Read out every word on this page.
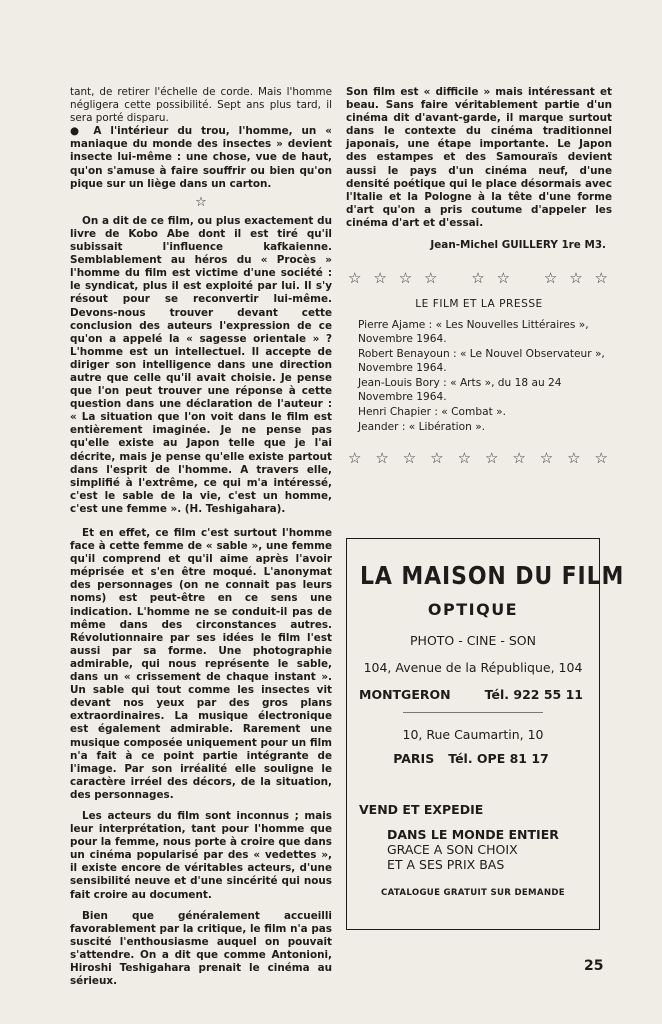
tant, de retirer l'échelle de corde. Mais l'homme négligera cette possibilité. Sept ans plus tard, il sera porté disparu.

● A l'intérieur du trou, l'homme, un « maniaque du monde des insectes » devient insecte lui-même : une chose, vue de haut, qu'on s'amuse à faire souffrir ou bien qu'on pique sur un liège dans un carton.

☆

On a dit de ce film, ou plus exactement du livre de Kobo Abe dont il est tiré qu'il subissait l'influence kafkaienne. Semblablement au héros du « Procès » l'homme du film est victime d'une société : le syndicat, plus il est exploité par lui. Il s'y résout pour se reconvertir lui-même. Devons-nous trouver devant cette conclusion des auteurs l'expression de ce qu'on a appelé la « sagesse orientale » ? L'homme est un intellectuel. Il accepte de diriger son intelligence dans une direction autre que celle qu'il avait choisie. Je pense que l'on peut trouver une réponse à cette question dans une déclaration de l'auteur : « La situation que l'on voit dans le film est entièrement imaginée. Je ne pense pas qu'elle existe au Japon telle que je l'ai décrite, mais je pense qu'elle existe partout dans l'esprit de l'homme. A travers elle, simplifié à l'extrême, ce qui m'a intéressé, c'est le sable de la vie, c'est un homme, c'est une femme ». (H. Teshigahara).

Et en effet, ce film c'est surtout l'homme face à cette femme de « sable », une femme qu'il comprend et qu'il aime après l'avoir méprisée et s'en être moqué. L'anonymat des personnages (on ne connait pas leurs noms) est peut-être en ce sens une indication. L'homme ne se conduit-il pas de même dans des circonstances autres. Révolutionnaire par ses idées le film l'est aussi par sa forme. Une photographie admirable, qui nous représente le sable, dans un « crissement de chaque instant ». Un sable qui tout comme les insectes vit devant nos yeux par des gros plans extraordinaires. La musique électronique est également admirable. Rarement une musique composée uniquement pour un film n'a fait à ce point partie intégrante de l'image. Par son irréalité elle souligne le caractère irréel des décors, de la situation, des personnages.

Les acteurs du film sont inconnus ; mais leur interprétation, tant pour l'homme que pour la femme, nous porte à croire que dans un cinéma popularisé par des « vedettes », il existe encore de véritables acteurs, d'une sensibilité neuve et d'une sincérité qui nous fait croire au document.

Bien que généralement accueilli favorablement par la critique, le film n'a pas suscité l'enthousiasme auquel on pouvait s'attendre. On a dit que comme Antonioni, Hiroshi Teshigahara prenait le cinéma au sérieux.

Son film est « difficile » mais intéressant et beau. Sans faire véritablement partie d'un cinéma dit d'avant-garde, il marque surtout dans le contexte du cinéma traditionnel japonais, une étape importante. Le Japon des estampes et des Samouraïs devient aussi le pays d'un cinéma neuf, d'une densité poétique qui le place désormais avec l'Italie et la Pologne à la tête d'une forme d'art qu'on a pris coutume d'appeler les cinéma d'art et d'essai.

Jean-Michel GUILLERY 1re M3.
☆ ☆ ☆ ☆ ☆ ☆ ☆ ☆ ☆
LE FILM ET LA PRESSE
Pierre Ajame : « Les Nouvelles Littéraires », Novembre 1964.
Robert Benayoun : « Le Nouvel Observateur », Novembre 1964.
Jean-Louis Bory : « Arts », du 18 au 24 Novembre 1964.
Henri Chapier : « Combat ».
Jeander : « Libération ».
☆ ☆ ☆ ☆ ☆ ☆ ☆ ☆ ☆ ☆
LA MAISON DU FILM
OPTIQUE
PHOTO - CINE - SON
104, Avenue de la République, 104
MONTGERON	Tél. 922 55 11
10, Rue Caumartin, 10
PARIS Tél. OPE 81 17
VEND ET EXPEDIE
DANS LE MONDE ENTIER
GRACE A SON CHOIX
ET A SES PRIX BAS
CATALOGUE GRATUIT SUR DEMANDE
25
